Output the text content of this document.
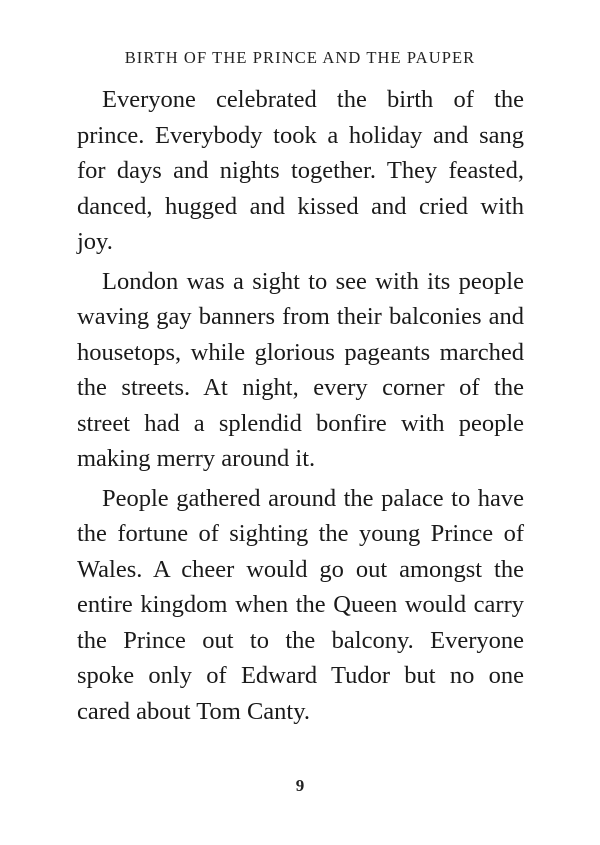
BIRTH OF THE PRINCE AND THE PAUPER

Everyone celebrated the birth of the prince. Everybody took a holiday and sang for days and nights together. They feasted, danced, hugged and kissed and cried with joy.

London was a sight to see with its people waving gay banners from their balconies and housetops, while glorious pageants marched the streets. At night, every corner of the street had a splendid bonfire with people making merry around it.

People gathered around the palace to have the fortune of sighting the young Prince of Wales. A cheer would go out amongst the entire kingdom when the Queen would carry the Prince out to the balcony. Everyone spoke only of Edward Tudor but no one cared about Tom Canty.

9
